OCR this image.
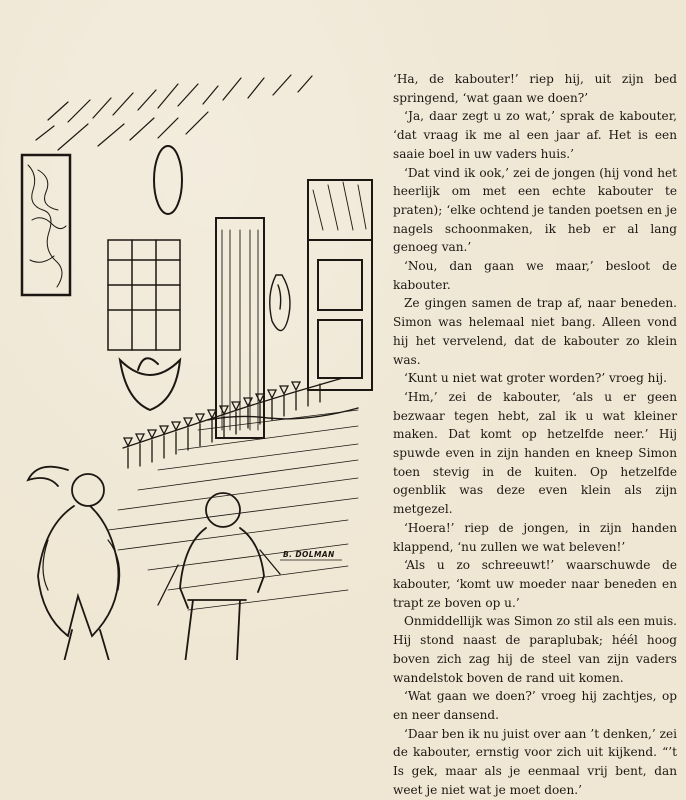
B. DOLMAN

‘Ha, de kabouter!’ riep hij, uit zijn bed springend, ‘wat gaan we doen?’

‘Ja, daar zegt u zo wat,’ sprak de kabouter, ‘dat vraag ik me al een jaar af. Het is een saaie boel in uw vaders huis.’

‘Dat vind ik ook,’ zei de jongen (hij vond het heerlijk om met een echte kabouter te praten); ‘elke ochtend je tanden poetsen en je nagels schoonmaken, ik heb er al lang genoeg van.’

‘Nou, dan gaan we maar,’ besloot de kabouter.

Ze gingen samen de trap af, naar beneden. Simon was helemaal niet bang. Alleen vond hij het vervelend, dat de kabouter zo klein was.

‘Kunt u niet wat groter worden?’ vroeg hij.

‘Hm,’ zei de kabouter, ‘als u er geen bezwaar tegen hebt, zal ik u wat kleiner maken. Dat komt op hetzelfde neer.’ Hij spuwde even in zijn handen en kneep Simon toen stevig in de kuiten. Op hetzelfde ogenblik was deze even klein als zijn metgezel.

‘Hoera!’ riep de jongen, in zijn handen klappend, ‘nu zullen we wat beleven!’

‘Als u zo schreeuwt!’ waarschuwde de kabouter, ‘komt uw moeder naar beneden en trapt ze boven op u.’

Onmiddellijk was Simon zo stil als een muis. Hij stond naast de paraplubak; héél hoog boven zich zag hij de steel van zijn vaders wandelstok boven de rand uit komen.

‘Wat gaan we doen?’ vroeg hij zachtjes, op en neer dansend.

‘Daar ben ik nu juist over aan ’t denken,’ zei de kabouter, ernstig voor zich uit kijkend. “’t Is gek, maar als je eenmaal vrij bent, dan weet je niet wat je moet doen.’
